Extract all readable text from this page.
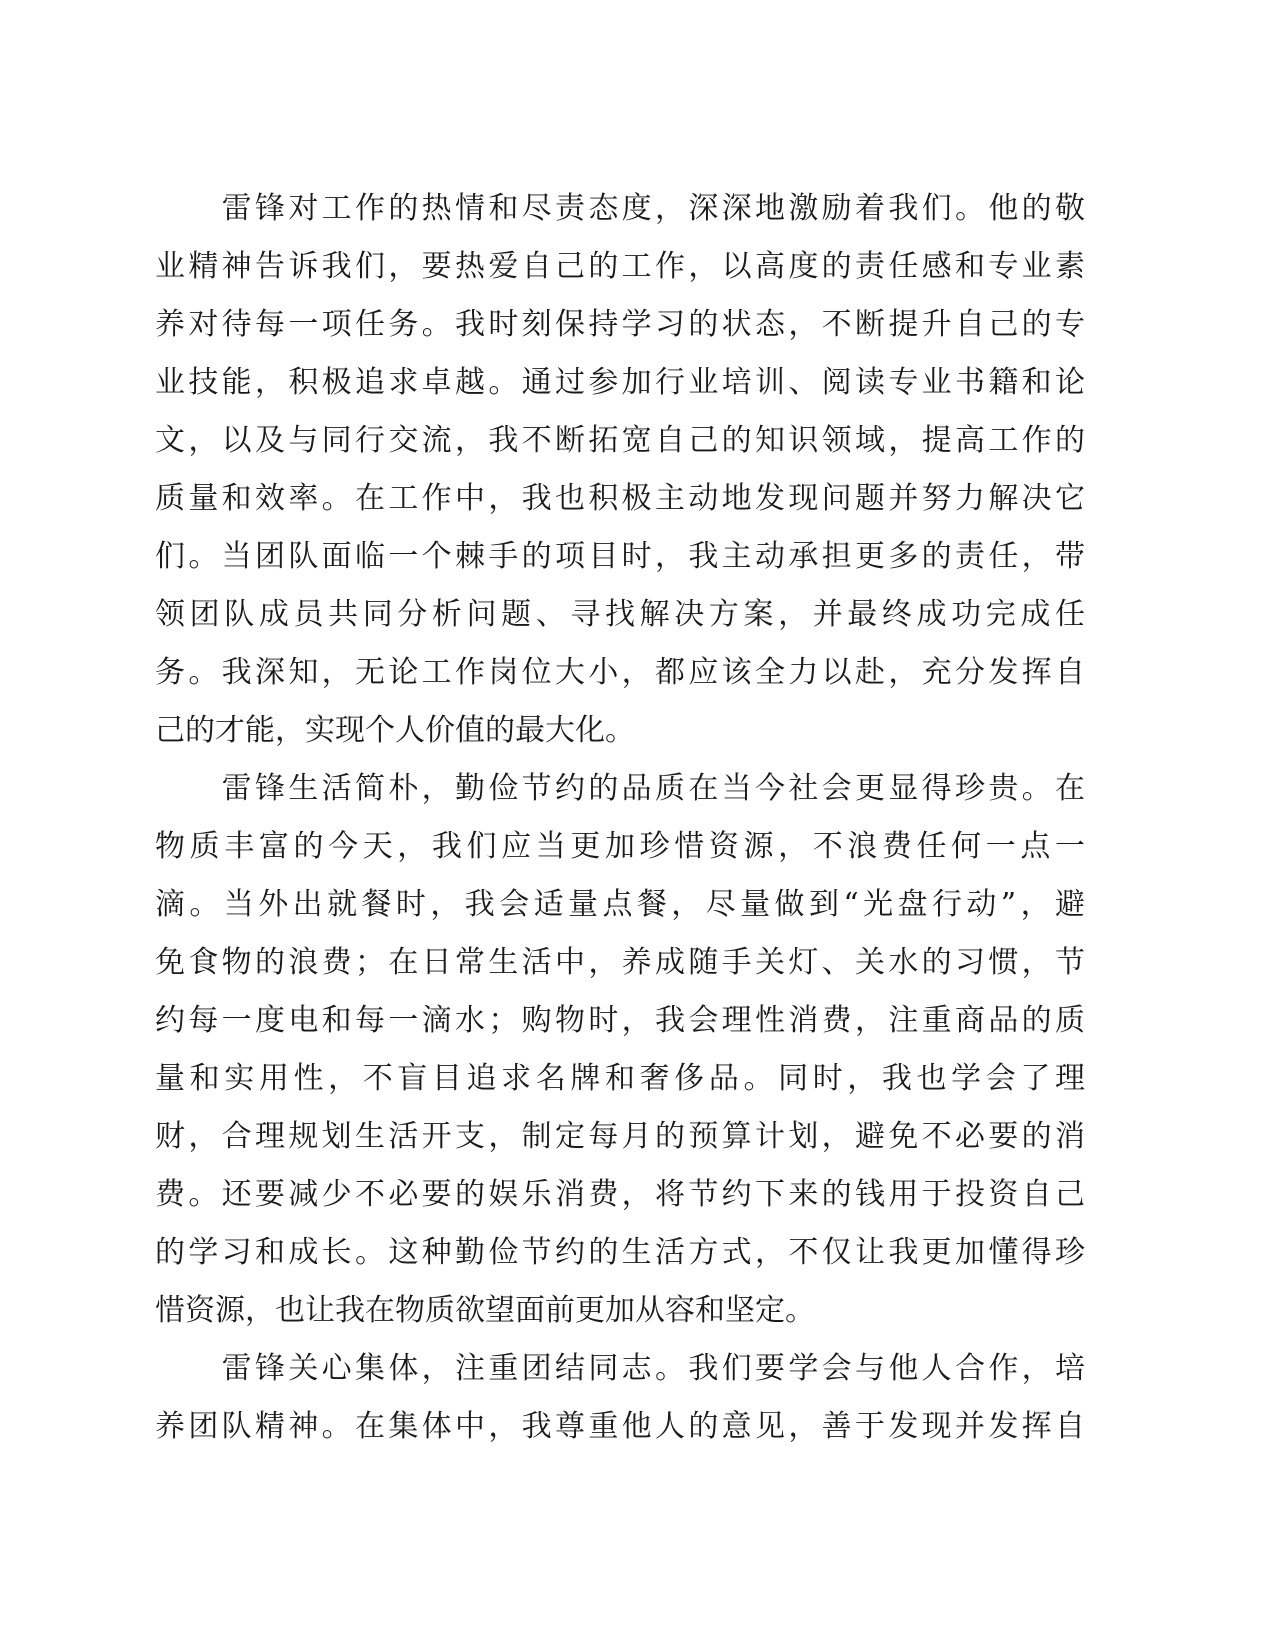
　　雷锋对工作的热情和尽责态度，深深地激励着我们。他的敬

业精神告诉我们，要热爱自己的工作，以高度的责任感和专业素

养对待每一项任务。我时刻保持学习的状态，不断提升自己的专

业技能，积极追求卓越。通过参加行业培训、阅读专业书籍和论

文，以及与同行交流，我不断拓宽自己的知识领域，提高工作的

质量和效率。在工作中，我也积极主动地发现问题并努力解决它

们。当团队面临一个棘手的项目时，我主动承担更多的责任，带

领团队成员共同分析问题、寻找解决方案，并最终成功完成任

务。我深知，无论工作岗位大小，都应该全力以赴，充分发挥自

己的才能，实现个人价值的最大化。

　　雷锋生活简朴，勤俭节约的品质在当今社会更显得珍贵。在

物质丰富的今天，我们应当更加珍惜资源，不浪费任何一点一

滴。当外出就餐时，我会适量点餐，尽量做到“光盘行动”，避

免食物的浪费；在日常生活中，养成随手关灯、关水的习惯，节

约每一度电和每一滴水；购物时，我会理性消费，注重商品的质

量和实用性，不盲目追求名牌和奢侈品。同时，我也学会了理

财，合理规划生活开支，制定每月的预算计划，避免不必要的消

费。还要减少不必要的娱乐消费，将节约下来的钱用于投资自己

的学习和成长。这种勤俭节约的生活方式，不仅让我更加懂得珍

惜资源，也让我在物质欲望面前更加从容和坚定。

　　雷锋关心集体，注重团结同志。我们要学会与他人合作，培

养团队精神。在集体中，我尊重他人的意见，善于发现并发挥自
